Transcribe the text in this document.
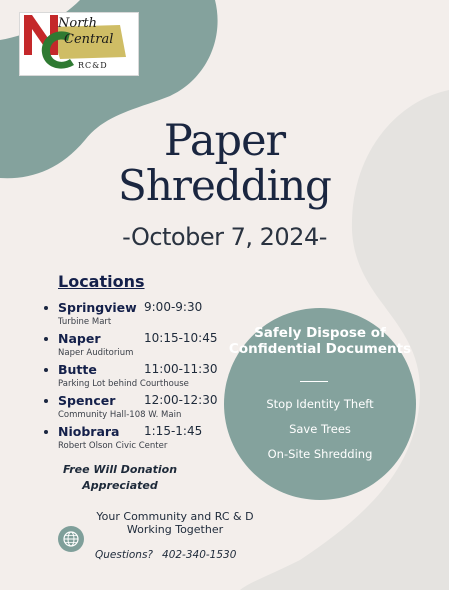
North
Central
RC&D
Paper
Shredding
-October 7, 2024-
Locations
Springview 9:00-9:30
Turbine Mart
Naper	10:15-10:45
Naper Auditorium
Butte	11:00-11:30
Parking Lot behind Courthouse
Spencer 12:00-12:30
Community Hall-108 W. Main
Niobrara 1:15-1:45
Robert Olson Civic Center
Free Will Donation Appreciated
Your Community and RC & D Working Together
Questions? 402-340-1530
Safely Dispose of Confidential Documents
Stop Identity Theft
Save Trees
On-Site Shredding
